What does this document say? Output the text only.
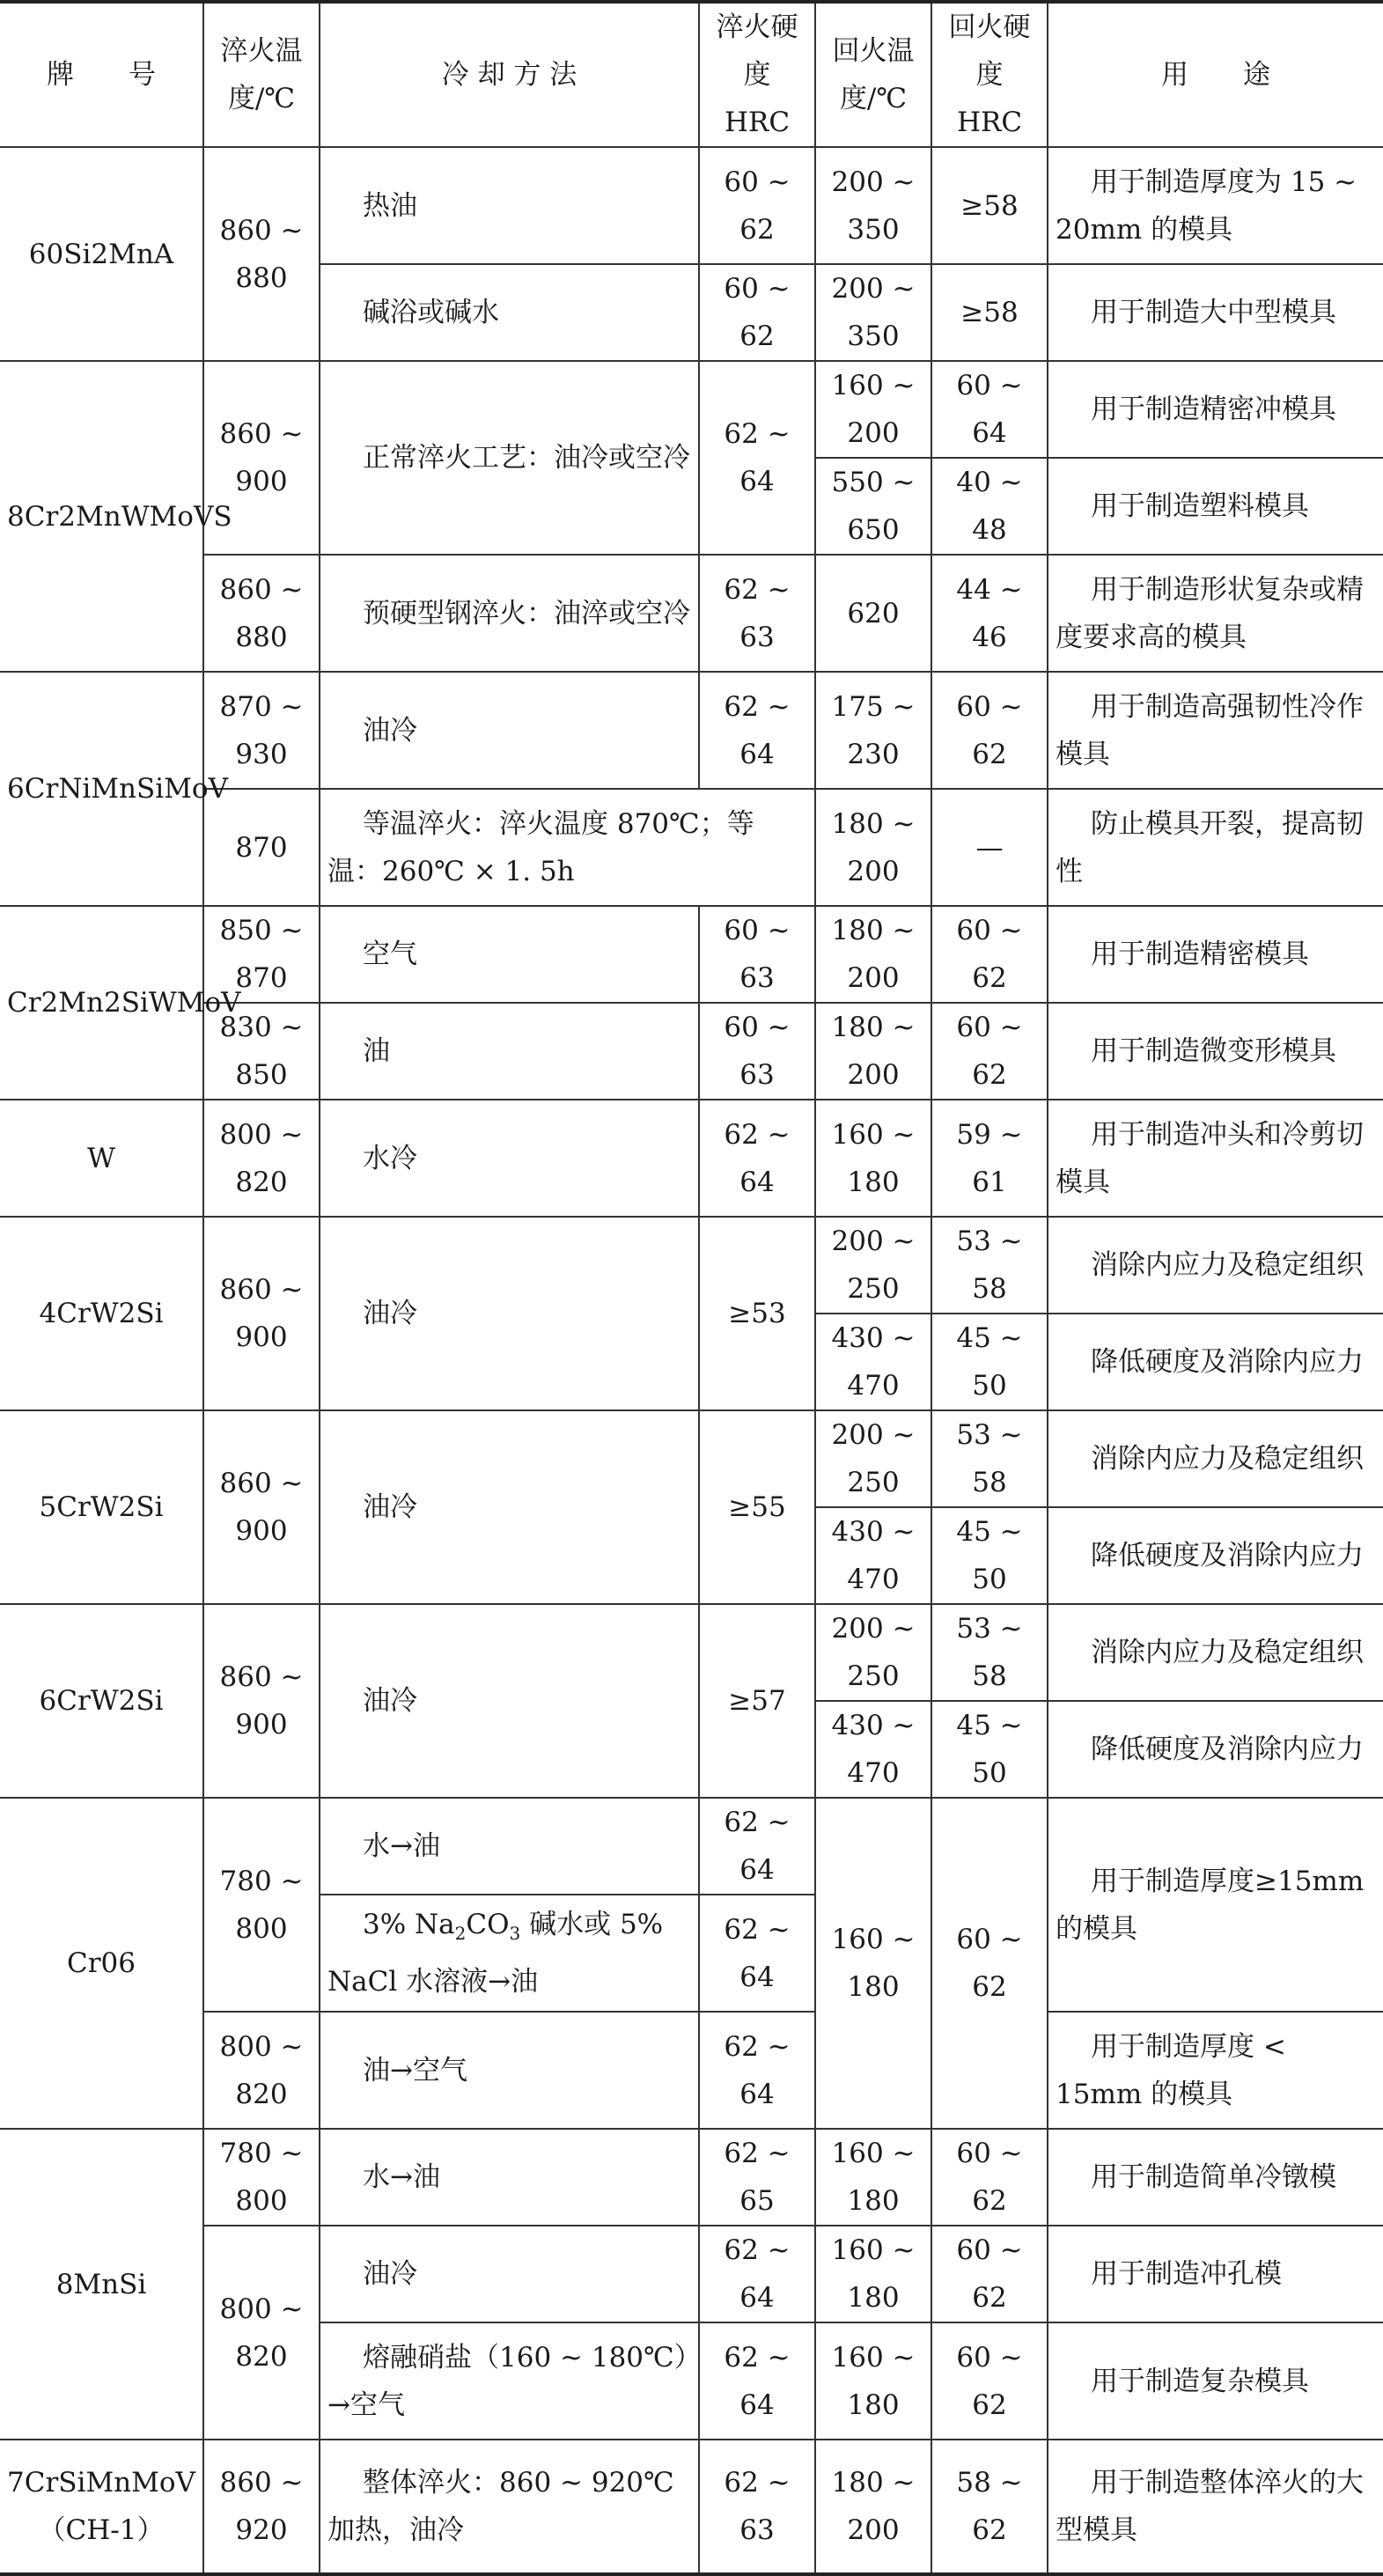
牌　　号	淬火温度/℃	冷 却 方 法	淬火硬度 HRC	回火温度/℃	回火硬度 HRC	用　　途
60Si2MnA	860 ~ 880	热油	60 ~ 62	200 ~ 350	≥58	用于制造厚度为 15 ~ 20mm 的模具
		碱浴或碱水	60 ~ 62	200 ~ 350	≥58	用于制造大中型模具
8Cr2MnWMoVS	860 ~ 900	正常淬火工艺：油冷或空冷	62 ~ 64	160 ~ 200	60 ~ 64	用于制造精密冲模具
				550 ~ 650	40 ~ 48	用于制造塑料模具
	860 ~ 880	预硬型钢淬火：油淬或空冷	62 ~ 63	620	44 ~ 46	用于制造形状复杂或精度要求高的模具
6CrNiMnSiMoV	870 ~ 930	油冷	62 ~ 64	175 ~ 230	60 ~ 62	用于制造高强韧性冷作模具
	870	等温淬火：淬火温度 870℃；等温：260℃ × 1. 5h		180 ~ 200	—	防止模具开裂，提高韧性
Cr2Mn2SiWMoV	850 ~ 870	空气	60 ~ 63	180 ~ 200	60 ~ 62	用于制造精密模具
	830 ~ 850	油	60 ~ 63	180 ~ 200	60 ~ 62	用于制造微变形模具
W	800 ~ 820	水冷	62 ~ 64	160 ~ 180	59 ~ 61	用于制造冲头和冷剪切模具
4CrW2Si	860 ~ 900	油冷	≥53	200 ~ 250	53 ~ 58	消除内应力及稳定组织
				430 ~ 470	45 ~ 50	降低硬度及消除内应力
5CrW2Si	860 ~ 900	油冷	≥55	200 ~ 250	53 ~ 58	消除内应力及稳定组织
				430 ~ 470	45 ~ 50	降低硬度及消除内应力
6CrW2Si	860 ~ 900	油冷	≥57	200 ~ 250	53 ~ 58	消除内应力及稳定组织
				430 ~ 470	45 ~ 50	降低硬度及消除内应力
Cr06	780 ~ 800	水→油	62 ~ 64	160 ~ 180	60 ~ 62	用于制造厚度≥15mm 的模具
		3% $Na_2CO_3$ 碱水或 5% NaCl 水溶液→油	62 ~ 64			
	800 ~ 820	油→空气	62 ~ 64			用于制造厚度 < 15mm 的模具
8MnSi	780 ~ 800	水→油	62 ~ 65	160 ~ 180	60 ~ 62	用于制造简单冷镦模
	800 ~ 820	油冷	62 ~ 64	160 ~ 180	60 ~ 62	用于制造冲孔模
		熔融硝盐（160 ~ 180℃）→空气	62 ~ 64	160 ~ 180	60 ~ 62	用于制造复杂模具
7CrSiMnMoV（CH-1）	860 ~ 920	整体淬火：860 ~ 920℃ 加热，油冷	62 ~ 63	180 ~ 200	58 ~ 62	用于制造整体淬火的大型模具
